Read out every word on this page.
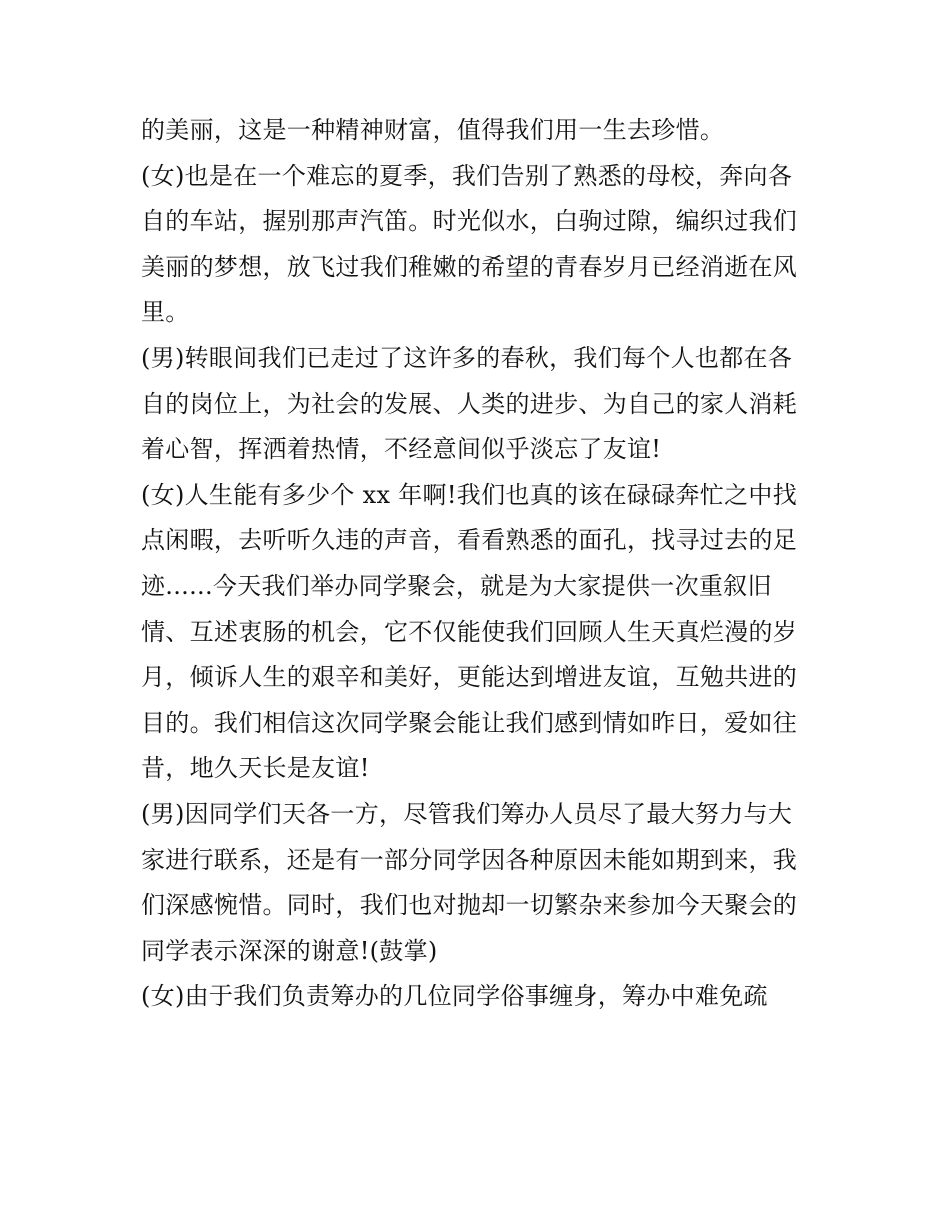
的美丽，这是一种精神财富，值得我们用一生去珍惜。
(女)也是在一个难忘的夏季，我们告别了熟悉的母校，奔向各
自的车站，握别那声汽笛。时光似水，白驹过隙，编织过我们
美丽的梦想，放飞过我们稚嫩的希望的青春岁月已经消逝在风
里。
(男)转眼间我们已走过了这许多的春秋，我们每个人也都在各
自的岗位上，为社会的发展、人类的进步、为自己的家人消耗
着心智，挥洒着热情，不经意间似乎淡忘了友谊!
(女)人生能有多少个 xx 年啊!我们也真的该在碌碌奔忙之中找
点闲暇，去听听久违的声音，看看熟悉的面孔，找寻过去的足
迹......今天我们举办同学聚会，就是为大家提供一次重叙旧
情、互述衷肠的机会，它不仅能使我们回顾人生天真烂漫的岁
月，倾诉人生的艰辛和美好，更能达到增进友谊，互勉共进的
目的。我们相信这次同学聚会能让我们感到情如昨日，爱如往
昔，地久天长是友谊!
(男)因同学们天各一方，尽管我们筹办人员尽了最大努力与大
家进行联系，还是有一部分同学因各种原因未能如期到来，我
们深感惋惜。同时，我们也对抛却一切繁杂来参加今天聚会的
同学表示深深的谢意!(鼓掌)
(女)由于我们负责筹办的几位同学俗事缠身，筹办中难免疏
